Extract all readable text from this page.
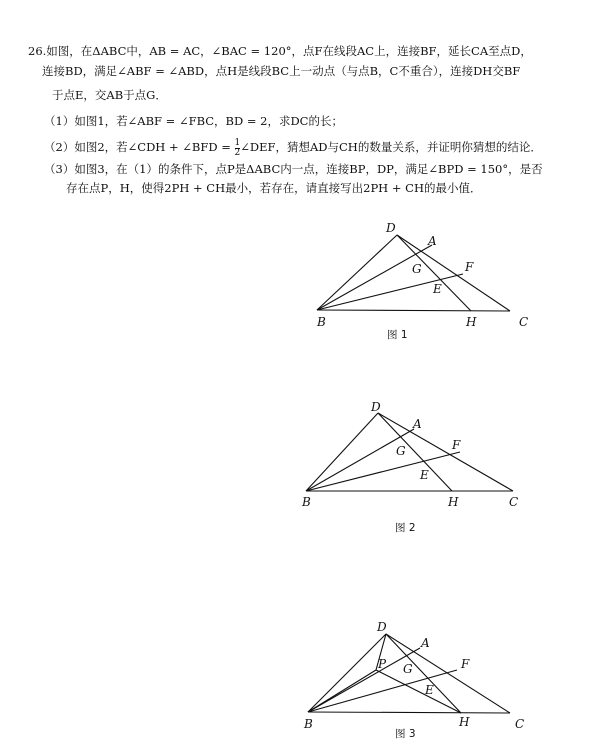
26.如图，在ΔABC中，AB = AC，∠BAC = 120°，点F在线段AC上，连接BF，延长CA至点D，
连接BD，满足∠ABF = ∠ABD，点H是线段BC上一动点（与点B，C不重合），连接DH交BF
于点E，交AB于点G．
（1）如图1，若∠ABF = ∠FBC，BD = 2，求DC的长；
（2）如图2，若∠CDH + ∠BFD = $\frac{1}{2}$ ∠DEF，猜想AD与CH的数量关系，并证明你猜想的结论．
（3）如图3，在（1）的条件下，点P是ΔABC内一点，连接BP，DP，满足∠BPD = 150°，是否
存在点P，H，使得2PH + CH最小，若存在，请直接写出2PH + CH的最小值．
D
A
G	F
E
B	H	C
D
A
G	F
E
B	H	C
D
A
P G	F
E
B	H	C
图 1
图 2
图 3
